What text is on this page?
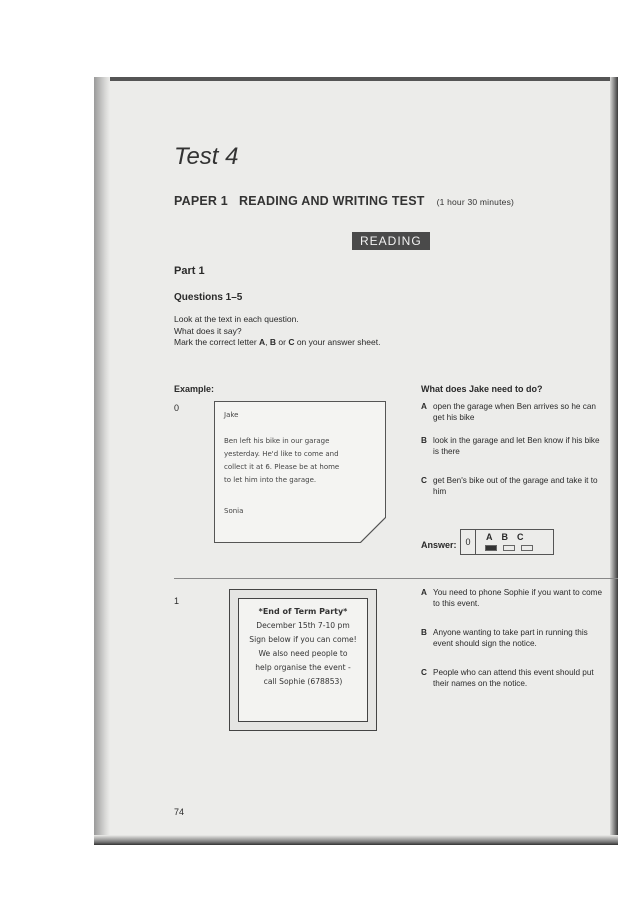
Test 4
PAPER 1   READING AND WRITING TEST (1 hour 30 minutes)
READING
Part 1
Questions 1–5
Look at the text in each question.
What does it say?
Mark the correct letter A, B or C on your answer sheet.
Example:
0
Jake
Ben left his bike in our garage
yesterday. He'd like to come and
collect it at 6. Please be at home
to let him into the garage.
Sonia
What does Jake need to do?
A open the garage when Ben arrives so he can get his bike
B look in the garage and let Ben know if his bike is there
C get Ben's bike out of the garage and take it to him
Answer: 0	ABC
1
*End of Term Party*
December 15th 7-10 pm
Sign below if you can come!
We also need people to
help organise the event -
call Sophie (678853)
A You need to phone Sophie if you want to come to this event.
B Anyone wanting to take part in running this event should sign the notice.
C People who can attend this event should put their names on the notice.
74
